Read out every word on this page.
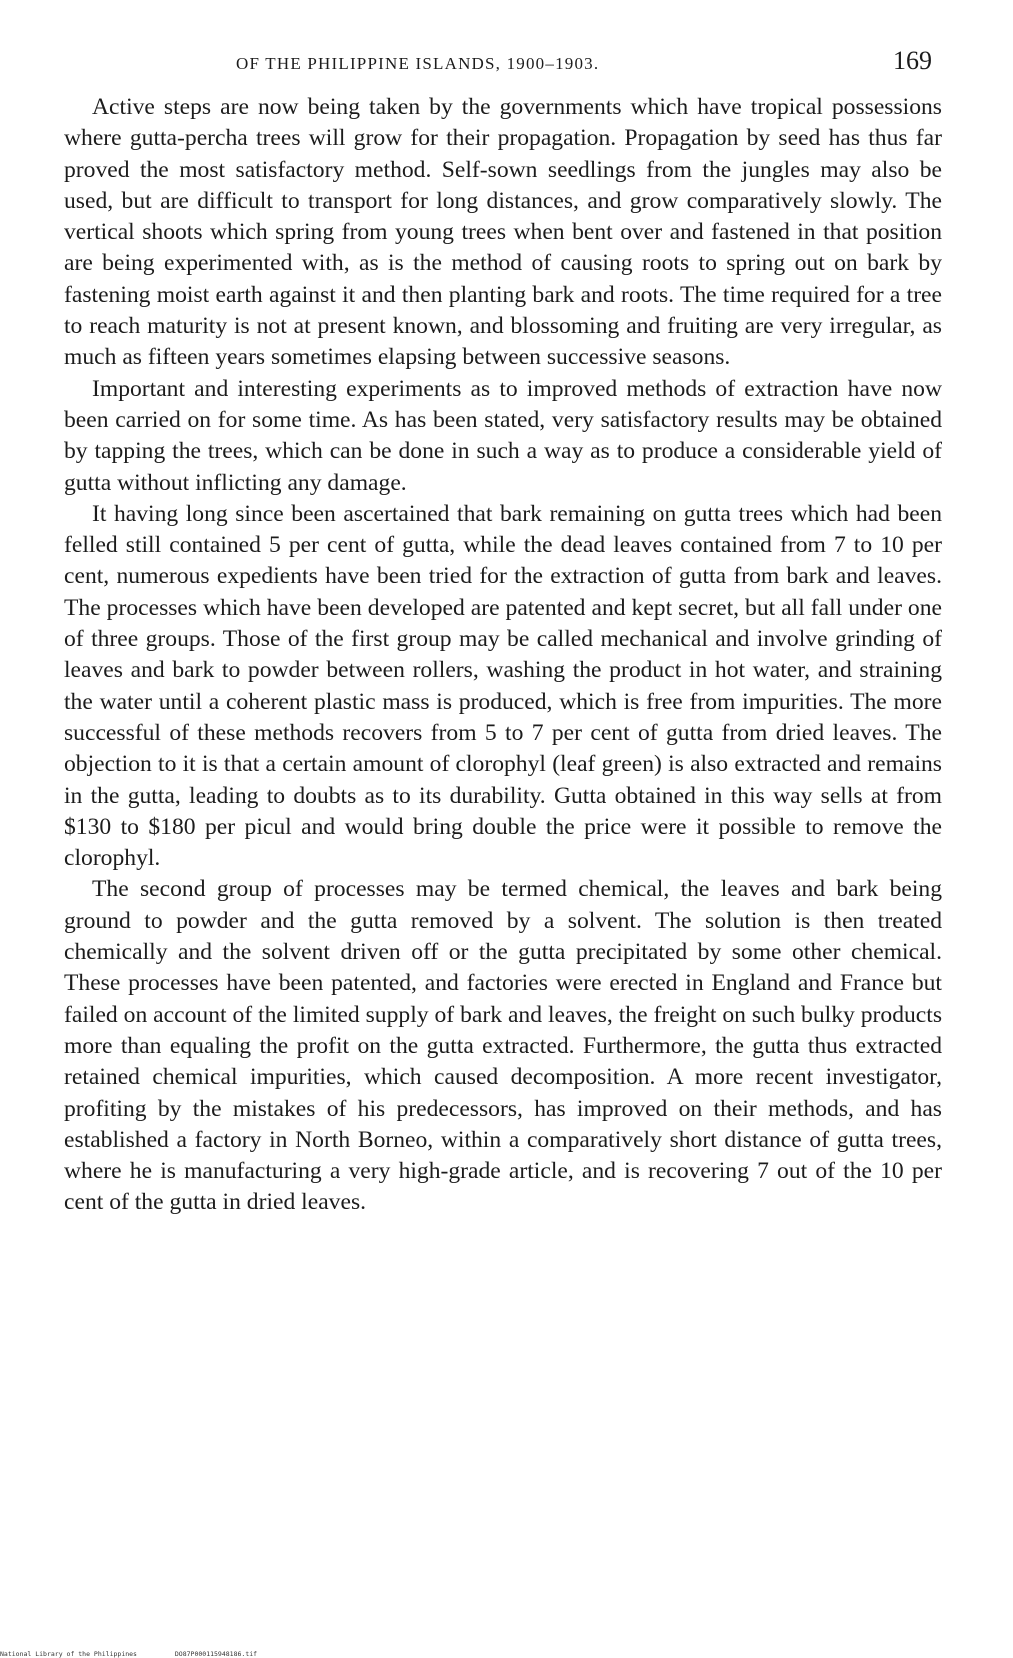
OF THE PHILIPPINE ISLANDS, 1900–1903.	169

Active steps are now being taken by the governments which have tropical possessions where gutta-percha trees will grow for their propagation. Propagation by seed has thus far proved the most satisfactory method. Self-sown seedlings from the jungles may also be used, but are difficult to transport for long distances, and grow comparatively slowly. The vertical shoots which spring from young trees when bent over and fastened in that position are being experimented with, as is the method of causing roots to spring out on bark by fastening moist earth against it and then planting bark and roots. The time required for a tree to reach maturity is not at present known, and blossoming and fruiting are very irregular, as much as fifteen years sometimes elapsing between successive seasons.

Important and interesting experiments as to improved methods of extraction have now been carried on for some time. As has been stated, very satisfactory results may be obtained by tapping the trees, which can be done in such a way as to produce a considerable yield of gutta without inflicting any damage.

It having long since been ascertained that bark remaining on gutta trees which had been felled still contained 5 per cent of gutta, while the dead leaves contained from 7 to 10 per cent, numerous expedients have been tried for the extraction of gutta from bark and leaves. The processes which have been developed are patented and kept secret, but all fall under one of three groups. Those of the first group may be called mechanical and involve grinding of leaves and bark to powder between rollers, washing the product in hot water, and straining the water until a coherent plastic mass is produced, which is free from impurities. The more successful of these methods recovers from 5 to 7 per cent of gutta from dried leaves. The objection to it is that a certain amount of clorophyl (leaf green) is also extracted and remains in the gutta, leading to doubts as to its durability. Gutta obtained in this way sells at from $130 to $180 per picul and would bring double the price were it possible to remove the clorophyl.

The second group of processes may be termed chemical, the leaves and bark being ground to powder and the gutta removed by a solvent. The solution is then treated chemically and the solvent driven off or the gutta precipitated by some other chemical. These processes have been patented, and factories were erected in England and France but failed on account of the limited supply of bark and leaves, the freight on such bulky products more than equaling the profit on the gutta extracted. Furthermore, the gutta thus extracted retained chemical impurities, which caused decomposition. A more recent investigator, profiting by the mistakes of his predecessors, has improved on their methods, and has established a factory in North Borneo, within a comparatively short distance of gutta trees, where he is manufacturing a very high-grade article, and is recovering 7 out of the 10 per cent of the gutta in dried leaves.

National Library of the Philippines	DO87P000115948186.tif
